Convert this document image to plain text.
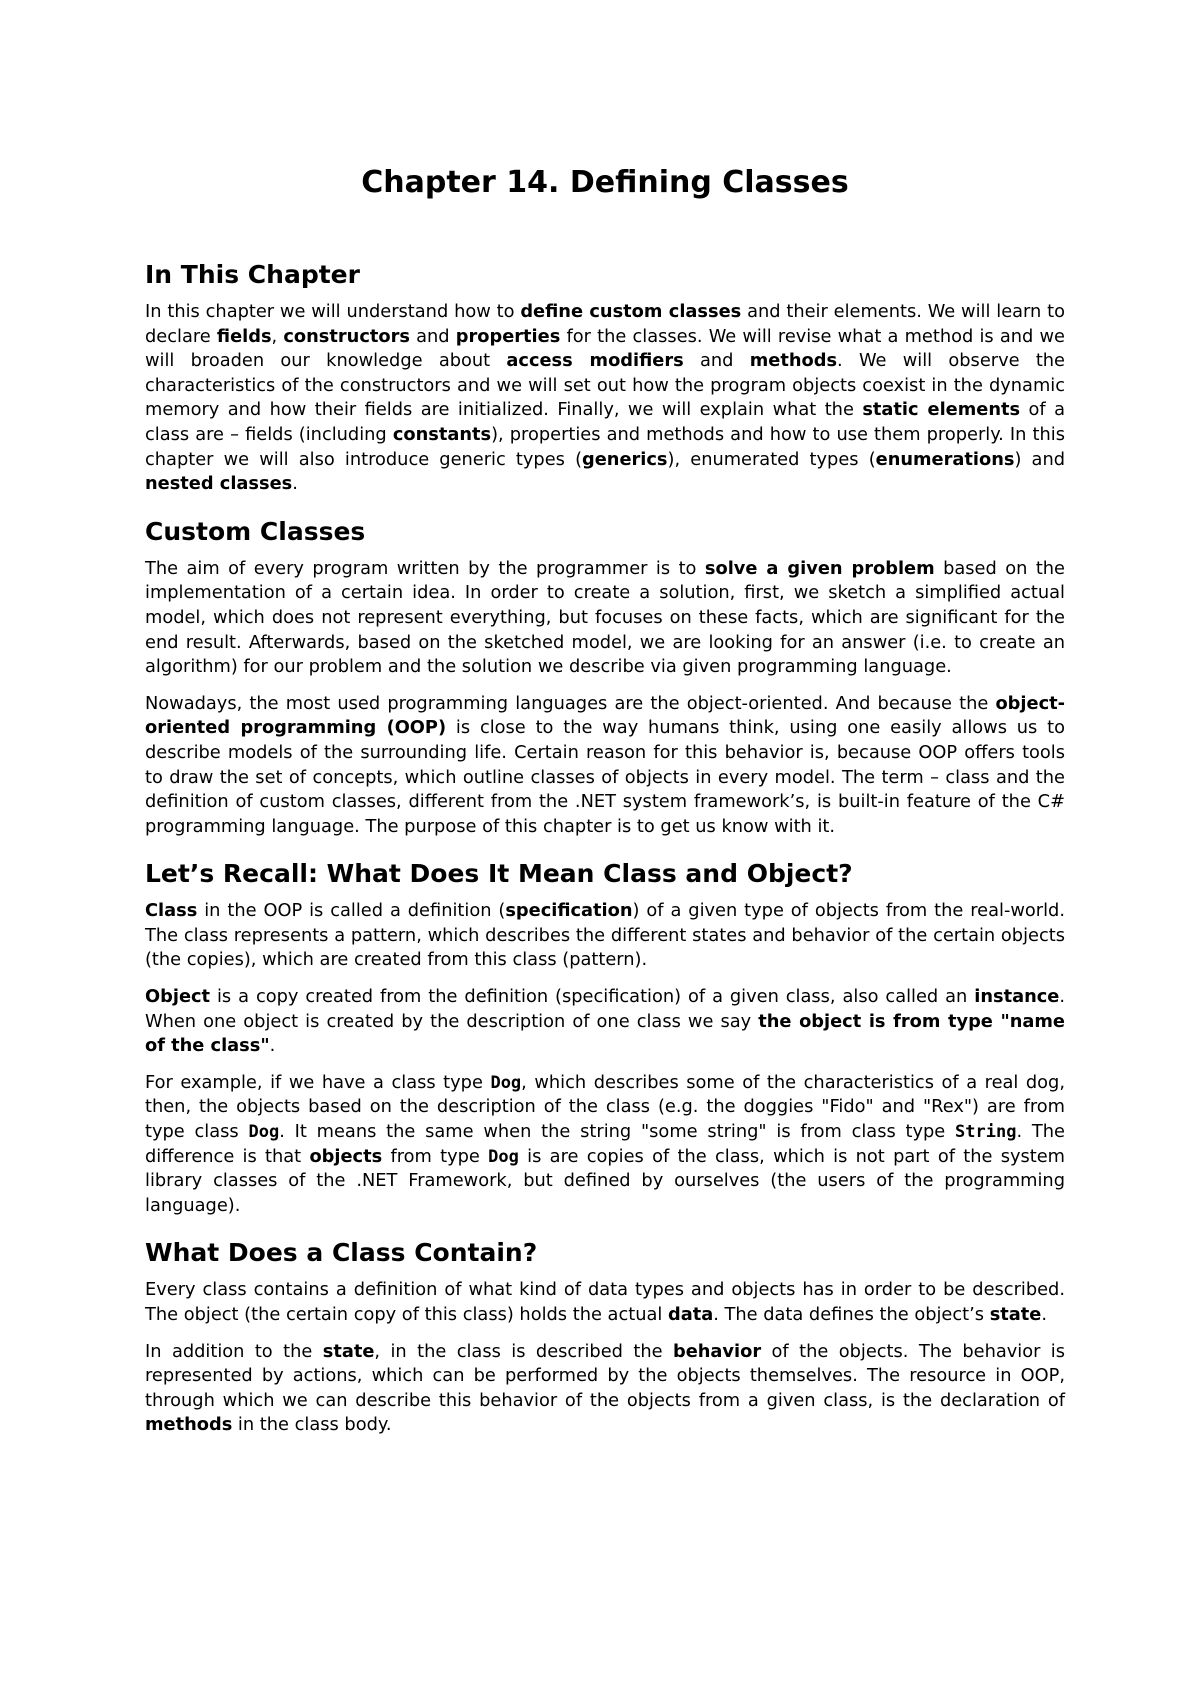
Chapter 14. Defining Classes
In This Chapter

In this chapter we will understand how to define custom classes and their elements. We will learn to declare fields, constructors and properties for the classes. We will revise what a method is and we will broaden our knowledge about access modifiers and methods. We will observe the characteristics of the constructors and we will set out how the program objects coexist in the dynamic memory and how their fields are initialized. Finally, we will explain what the static elements of a class are – fields (including constants), properties and methods and how to use them properly. In this chapter we will also introduce generic types (generics), enumerated types (enumerations) and nested classes.

Custom Classes

The aim of every program written by the programmer is to solve a given problem based on the implementation of a certain idea. In order to create a solution, first, we sketch a simplified actual model, which does not represent everything, but focuses on these facts, which are significant for the end result. Afterwards, based on the sketched model, we are looking for an answer (i.e. to create an algorithm) for our problem and the solution we describe via given programming language.

Nowadays, the most used programming languages are the object-oriented. And because the object-oriented programming (OOP) is close to the way humans think, using one easily allows us to describe models of the surrounding life. Certain reason for this behavior is, because OOP offers tools to draw the set of concepts, which outline classes of objects in every model. The term – class and the definition of custom classes, different from the .NET system framework’s, is built-in feature of the C# programming language. The purpose of this chapter is to get us know with it.

Let’s Recall: What Does It Mean Class and Object?

Class in the OOP is called a definition (specification) of a given type of objects from the real-world. The class represents a pattern, which describes the different states and behavior of the certain objects (the copies), which are created from this class (pattern).

Object is a copy created from the definition (specification) of a given class, also called an instance. When one object is created by the description of one class we say the object is from type "name of the class".

For example, if we have a class type Dog, which describes some of the characteristics of a real dog, then, the objects based on the description of the class (e.g. the doggies "Fido" and "Rex") are from type class Dog. It means the same when the string "some string" is from class type String. The difference is that objects from type Dog is are copies of the class, which is not part of the system library classes of the .NET Framework, but defined by ourselves (the users of the programming language).

What Does a Class Contain?

Every class contains a definition of what kind of data types and objects has in order to be described. The object (the certain copy of this class) holds the actual data. The data defines the object’s state.

In addition to the state, in the class is described the behavior of the objects. The behavior is represented by actions, which can be performed by the objects themselves. The resource in OOP, through which we can describe this behavior of the objects from a given class, is the declaration of methods in the class body.
